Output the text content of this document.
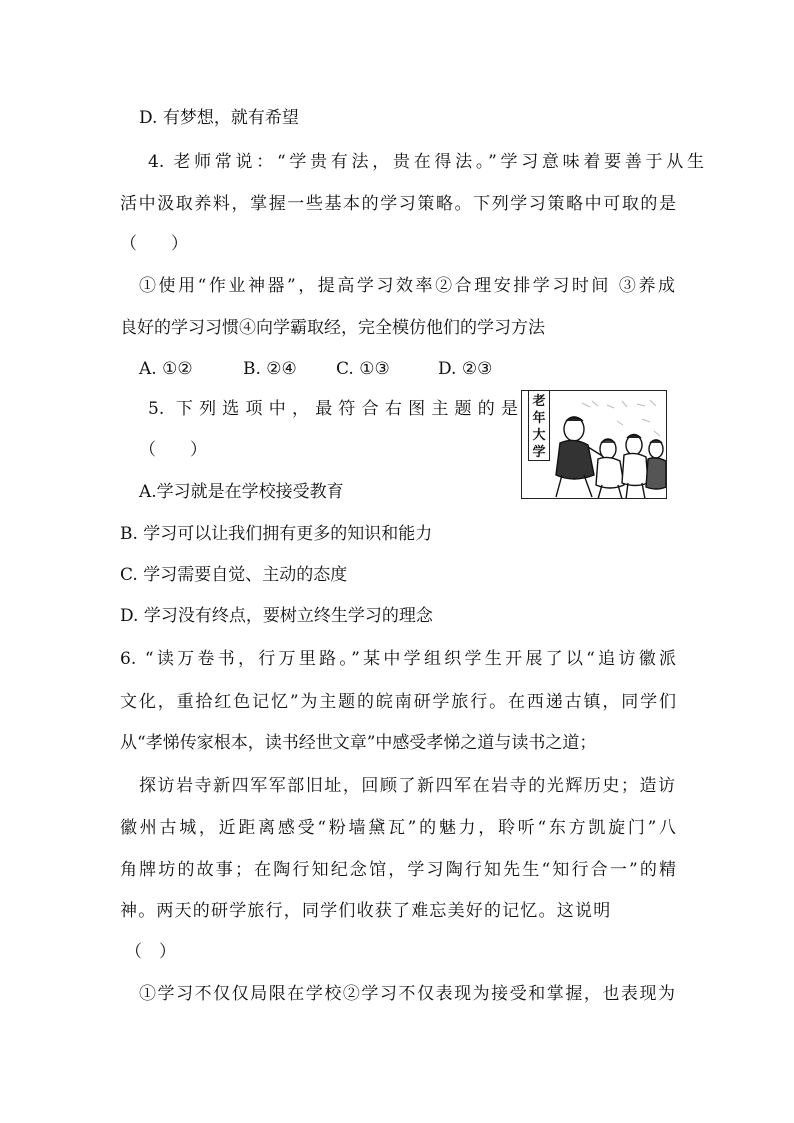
D. 有梦想，就有希望
4. 老师常说：“学贵有法，贵在得法。”学习意味着要善于从生
活中汲取养料，掌握一些基本的学习策略。下列学习策略中可取的是
（　　）
①使用“作业神器”，提高学习效率②合理安排学习时间 ③养成
良好的学习习惯④向学霸取经，完全模仿他们的学习方法
A. ①②	B. ②④ C. ①③	D. ②③
5. 下列选项中，最符合右图主题的是
（　　）
老
年
大
学
A.学习就是在学校接受教育
B. 学习可以让我们拥有更多的知识和能力
C. 学习需要自觉、主动的态度
D. 学习没有终点，要树立终生学习的理念
6. “读万卷书，行万里路。”某中学组织学生开展了以“追访徽派
文化，重拾红色记忆”为主题的皖南研学旅行。在西递古镇，同学们
从“孝悌传家根本，读书经世文章”中感受孝悌之道与读书之道；
探访岩寺新四军军部旧址，回顾了新四军在岩寺的光辉历史；造访
徽州古城，近距离感受“粉墙黛瓦”的魅力，聆听“东方凯旋门”八
角牌坊的故事；在陶行知纪念馆，学习陶行知先生“知行合一”的精
神。两天的研学旅行，同学们收获了难忘美好的记忆。这说明
（　）
①学习不仅仅局限在学校②学习不仅表现为接受和掌握，也表现为
